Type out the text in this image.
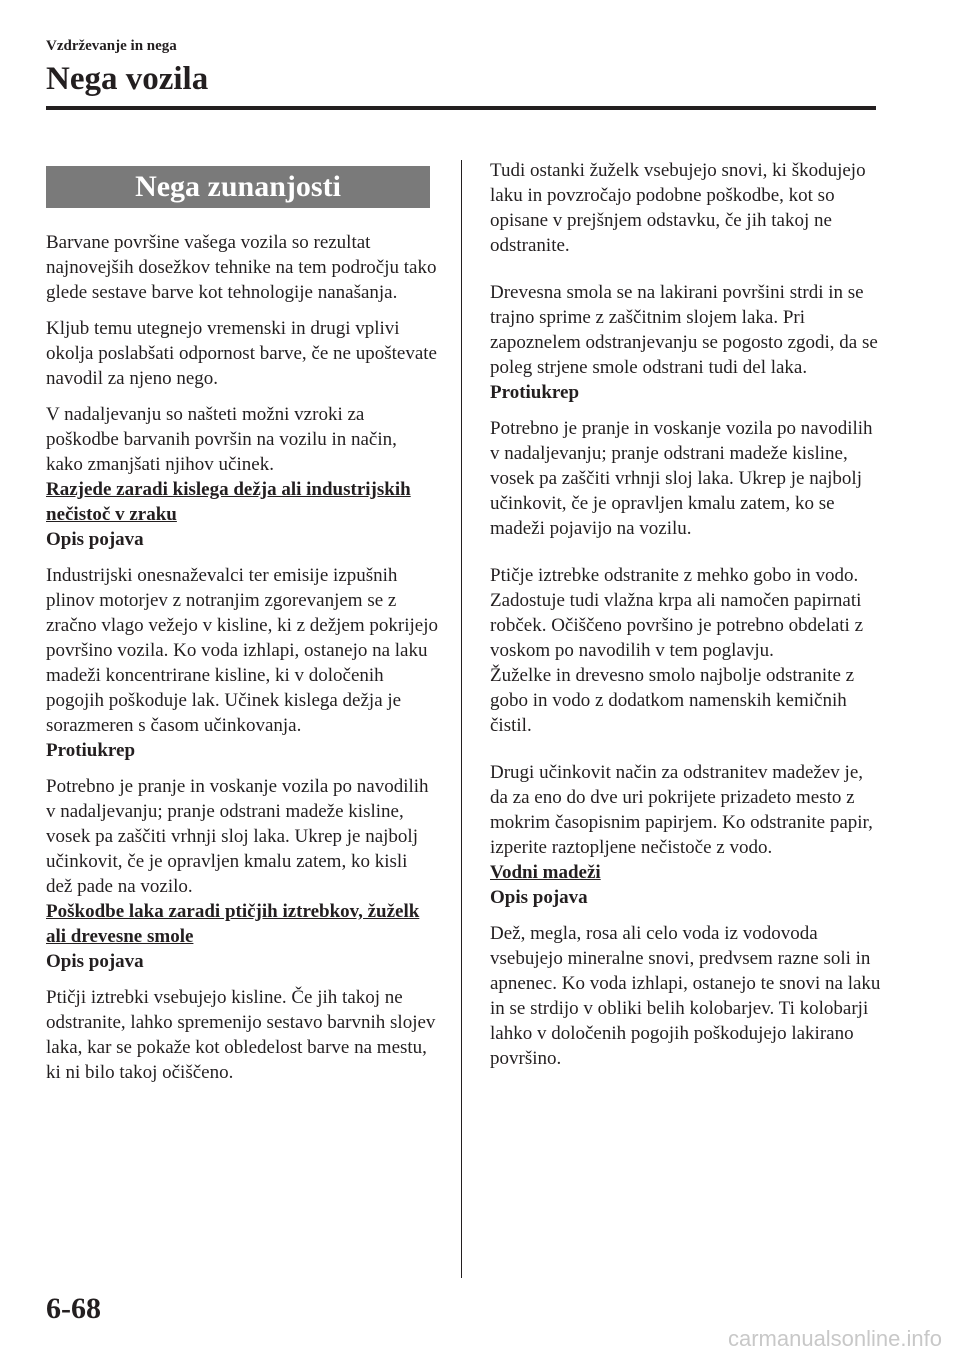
Vzdrževanje in nega
Nega vozila
Nega zunanjosti

Barvane površine vašega vozila so rezultat najnovejših dosežkov tehnike na tem področju tako glede sestave barve kot tehnologije nanašanja.

Kljub temu utegnejo vremenski in drugi vplivi okolja poslabšati odpornost barve, če ne upoštevate navodil za njeno nego.

V nadaljevanju so našteti možni vzroki za poškodbe barvanih površin na vozilu in način, kako zmanjšati njihov učinek.

Razjede zaradi kislega dežja ali industrijskih nečistoč v zraku

Opis pojava

Industrijski onesnaževalci ter emisije izpušnih plinov motorjev z notranjim zgorevanjem se z zračno vlago vežejo v kisline, ki z dežjem pokrijejo površino vozila. Ko voda izhlapi, ostanejo na laku madeži koncentrirane kisline, ki v določenih pogojih poškoduje lak. Učinek kislega dežja je sorazmeren s časom učinkovanja.

Protiukrep

Potrebno je pranje in voskanje vozila po navodilih v nadaljevanju; pranje odstrani madeže kisline, vosek pa zaščiti vrhnji sloj laka. Ukrep je najbolj učinkovit, če je opravljen kmalu zatem, ko kisli dež pade na vozilo.

Poškodbe laka zaradi ptičjih iztrebkov, žuželk ali drevesne smole

Opis pojava

Ptičji iztrebki vsebujejo kisline. Če jih takoj ne odstranite, lahko spremenijo sestavo barvnih slojev laka, kar se pokaže kot obledelost barve na mestu, ki ni bilo takoj očiščeno.

Tudi ostanki žuželk vsebujejo snovi, ki škodujejo laku in povzročajo podobne poškodbe, kot so opisane v prejšnjem odstavku, če jih takoj ne odstranite.

Drevesna smola se na lakirani površini strdi in se trajno sprime z zaščitnim slojem laka. Pri zapoznelem odstranjevanju se pogosto zgodi, da se poleg strjene smole odstrani tudi del laka.

Protiukrep

Potrebno je pranje in voskanje vozila po navodilih v nadaljevanju; pranje odstrani madeže kisline, vosek pa zaščiti vrhnji sloj laka. Ukrep je najbolj učinkovit, če je opravljen kmalu zatem, ko se madeži pojavijo na vozilu.

Ptičje iztrebke odstranite z mehko gobo in vodo. Zadostuje tudi vlažna krpa ali namočen papirnati robček. Očiščeno površino je potrebno obdelati z voskom po navodilih v tem poglavju.

Žuželke in drevesno smolo najbolje odstranite z gobo in vodo z dodatkom namenskih kemičnih čistil.

Drugi učinkovit način za odstranitev madežev je, da za eno do dve uri pokrijete prizadeto mesto z mokrim časopisnim papirjem. Ko odstranite papir, izperite raztopljene nečistoče z vodo.

Vodni madeži

Opis pojava

Dež, megla, rosa ali celo voda iz vodovoda vsebujejo mineralne snovi, predvsem razne soli in apnenec. Ko voda izhlapi, ostanejo te snovi na laku in se strdijo v obliki belih kolobarjev. Ti kolobarji lahko v določenih pogojih poškodujejo lakirano površino.

6-68
carmanualsonline.info
